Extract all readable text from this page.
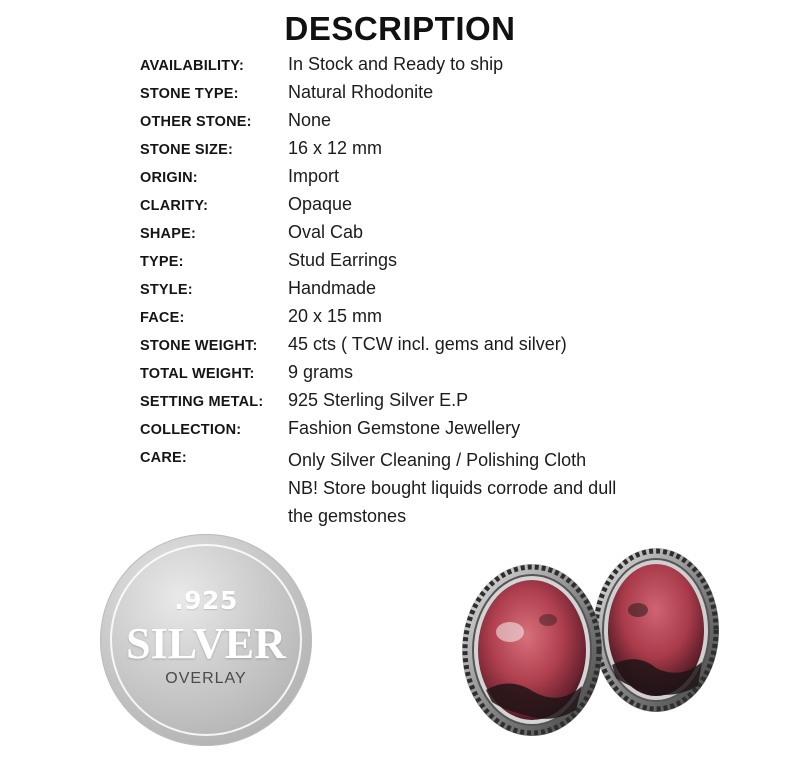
DESCRIPTION
AVAILABILITY:	In Stock and Ready to ship
STONE TYPE:	Natural Rhodonite
OTHER STONE:	None
STONE SIZE:	16 x 12 mm
ORIGIN:	Import
CLARITY:	Opaque
SHAPE:	Oval Cab
TYPE:	Stud Earrings
STYLE:	Handmade
FACE:	20 x 15 mm
STONE WEIGHT:	45 cts ( TCW incl. gems and silver)
TOTAL WEIGHT:	9 grams
SETTING METAL:	925 Sterling Silver E.P
COLLECTION:	Fashion Gemstone Jewellery
CARE:	Only Silver Cleaning / Polishing Cloth
NB! Store bought liquids corrode and dull
the gemstones
.925
SILVER
OVERLAY
